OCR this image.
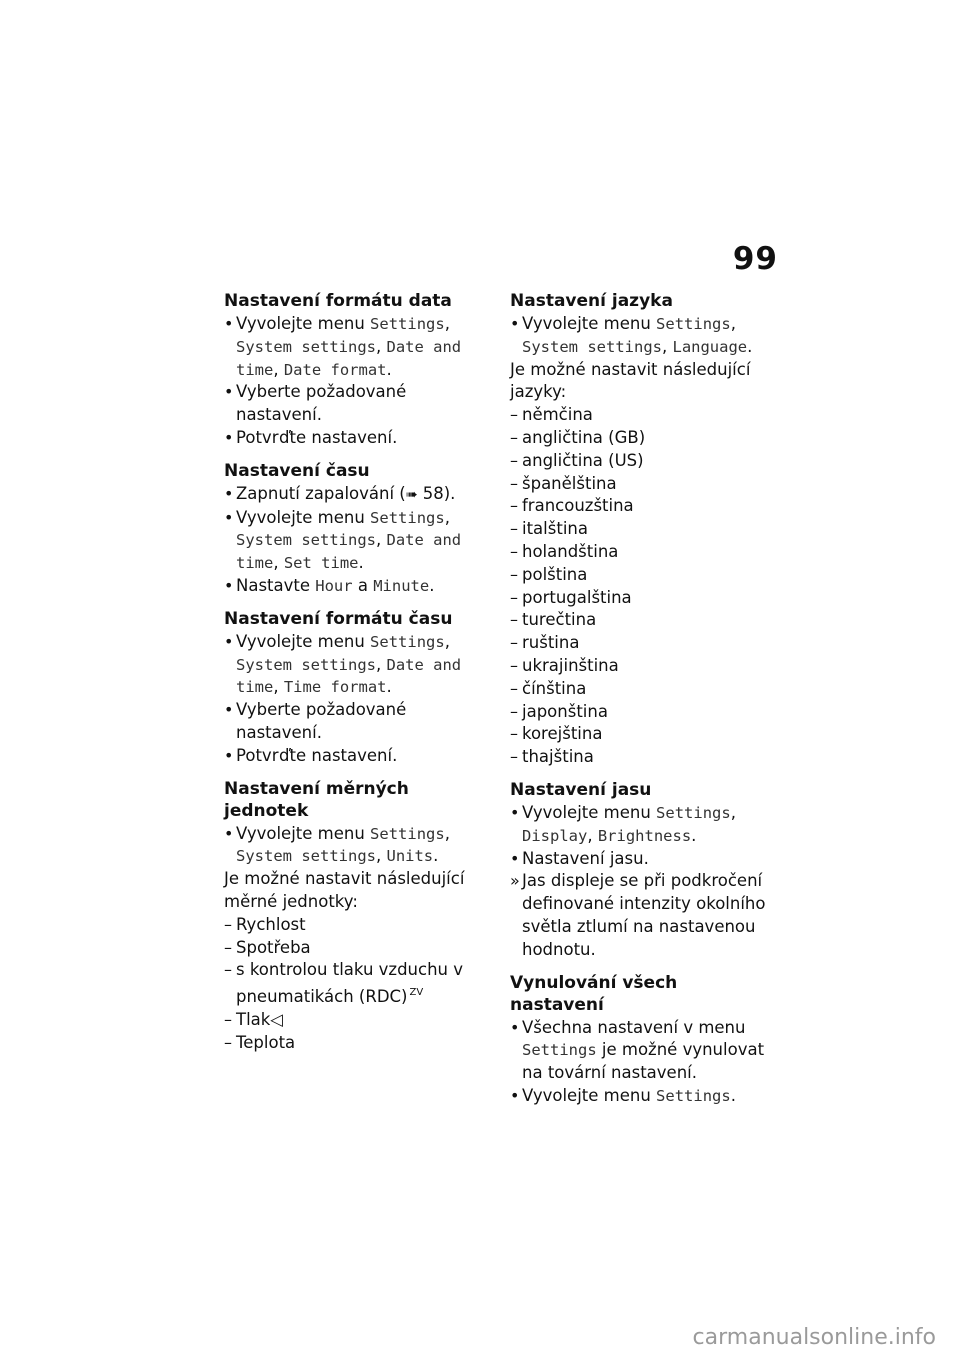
99

Nastavení formátu data

• Vyvolejte menu Settings, System settings, Date and time, Date format.

• Vyberte požadované nastavení.

• Potvrďte nastavení.

Nastavení času

• Zapnutí zapalování (➠ 58).

• Vyvolejte menu Settings, System settings, Date and time, Set time.

• Nastavte Hour a Minute.

Nastavení formátu času

• Vyvolejte menu Settings, System settings, Date and time, Time format.

• Vyberte požadované nastavení.

• Potvrďte nastavení.

Nastavení měrných jednotek

• Vyvolejte menu Settings, System settings, Units.

Je možné nastavit následující měrné jednotky:

– Rychlost

– Spotřeba

– s kontrolou tlaku vzduchu v pneumatikách (RDC) $^{ZV}$

– Tlak◁

– Teplota

Nastavení jazyka

• Vyvolejte menu Settings, System settings, Language.

Je možné nastavit následující jazyky:

– němčina

– angličtina (GB)

– angličtina (US)

– španělština

– francouzština

– italština

– holandština

– polština

– portugalština

– turečtina

– ruština

– ukrajinština

– čínština

– japonština

– korejština

– thajština

Nastavení jasu

• Vyvolejte menu Settings, Display, Brightness.

• Nastavení jasu.

» Jas displeje se při podkročení definované intenzity okolního světla ztlumí na nastavenou hodnotu.

Vynulování všech nastavení

• Všechna nastavení v menu Settings je možné vynulovat na tovární nastavení.

• Vyvolejte menu Settings.

carmanualsonline.info
